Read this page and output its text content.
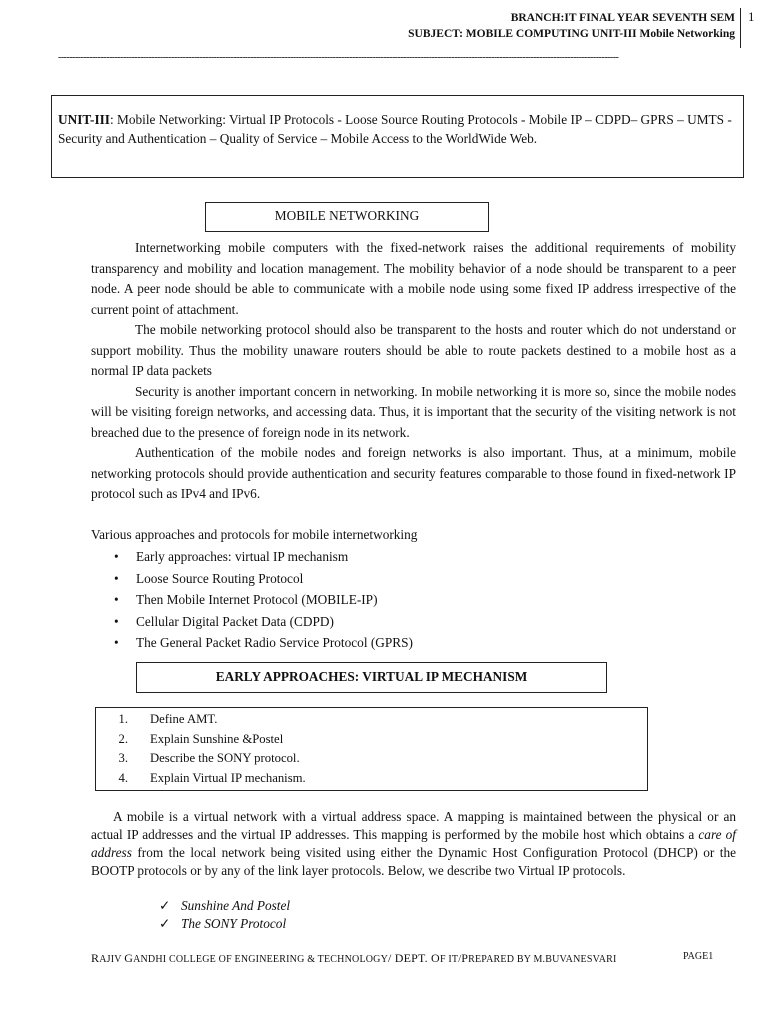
BRANCH:IT FINAL YEAR SEVENTH SEM
SUBJECT: MOBILE COMPUTING UNIT-III Mobile Networking
1
------------------------------------------------------------------------------------------------------------------------------------------------------------------------------------------------------
UNIT-III: Mobile Networking: Virtual IP Protocols - Loose Source Routing Protocols - Mobile IP – CDPD– GPRS – UMTS - Security and Authentication – Quality of Service – Mobile Access to the WorldWide Web.
MOBILE NETWORKING

Internetworking mobile computers with the fixed-network raises the additional requirements of mobility transparency and mobility and location management. The mobility behavior of a node should be transparent to a peer node. A peer node should be able to communicate with a mobile node using some fixed IP address irrespective of the current point of attachment.

The mobile networking protocol should also be transparent to the hosts and router which do not understand or support mobility. Thus the mobility unaware routers should be able to route packets destined to a mobile host as a normal IP data packets

Security is another important concern in networking. In mobile networking it is more so, since the mobile nodes will be visiting foreign networks, and accessing data. Thus, it is important that the security of the visiting network is not breached due to the presence of foreign node in its network.

Authentication of the mobile nodes and foreign networks is also important. Thus, at a minimum, mobile networking protocols should provide authentication and security features comparable to those found in fixed-network IP protocol such as IPv4 and IPv6.

Various approaches and protocols for mobile internetworking
• Early approaches: virtual IP mechanism
• Loose Source Routing Protocol
• Then Mobile Internet Protocol (MOBILE-IP)
• Cellular Digital Packet Data (CDPD)
• The General Packet Radio Service Protocol (GPRS)
EARLY APPROACHES: VIRTUAL IP MECHANISM
1. Define AMT.
2. Explain Sunshine &Postel
3. Describe the SONY protocol.
4. Explain Virtual IP mechanism.

A mobile is a virtual network with a virtual address space. A mapping is maintained between the physical or an actual IP addresses and the virtual IP addresses. This mapping is performed by the mobile host which obtains a care of address from the local network being visited using either the Dynamic Host Configuration Protocol (DHCP) or the BOOTP protocols or by any of the link layer protocols. Below, we describe two Virtual IP protocols.

✓ Sunshine And Postel
✓ The SONY Protocol
RAJIV GANDHI COLLEGE OF ENGINEERING & TECHNOLOGY/ DEPT. OF IT/PREPARED BY M.BUVANESVARI	PAGE1
